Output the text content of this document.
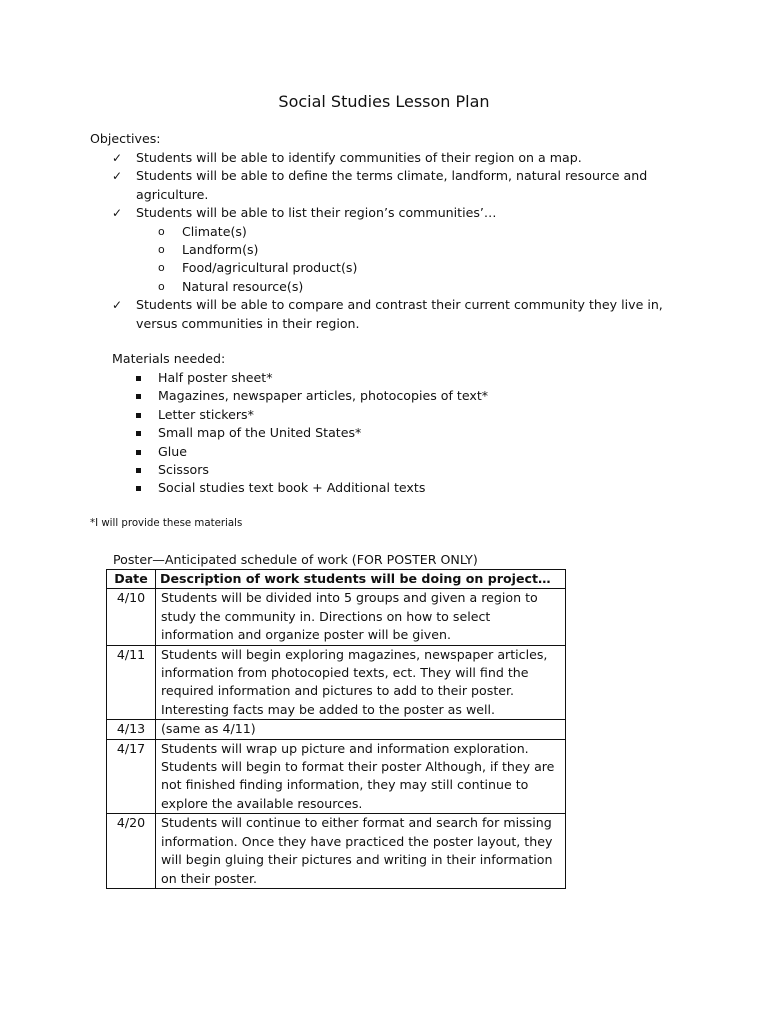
Social Studies Lesson Plan

Objectives:

✓ Students will be able to identify communities of their region on a map.
✓ Students will be able to define the terms climate, landform, natural resource and agriculture.
✓ Students will be able to list their region’s communities’…
o Climate(s)
o Landform(s)
o Food/agricultural product(s)
o Natural resource(s)
✓ Students will be able to compare and contrast their current community they live in, versus communities in their region.

Materials needed:

Half poster sheet*
Magazines, newspaper articles, photocopies of text*
Letter stickers*
Small map of the United States*
Glue
Scissors
Social studies text book + Additional texts

*I will provide these materials

Poster—Anticipated schedule of work (FOR POSTER ONLY)

Date	Description of work students will be doing on project…
4/10	Students will be divided into 5 groups and given a region to study the community in. Directions on how to select information and organize poster will be given.
4/11	Students will begin exploring magazines, newspaper articles, information from photocopied texts, ect. They will find the required information and pictures to add to their poster. Interesting facts may be added to the poster as well.
4/13	(same as 4/11)
4/17	Students will wrap up picture and information exploration. Students will begin to format their poster Although, if they are not finished finding information, they may still continue to explore the available resources.
4/20	Students will continue to either format and search for missing information. Once they have practiced the poster layout, they will begin gluing their pictures and writing in their information on their poster.
